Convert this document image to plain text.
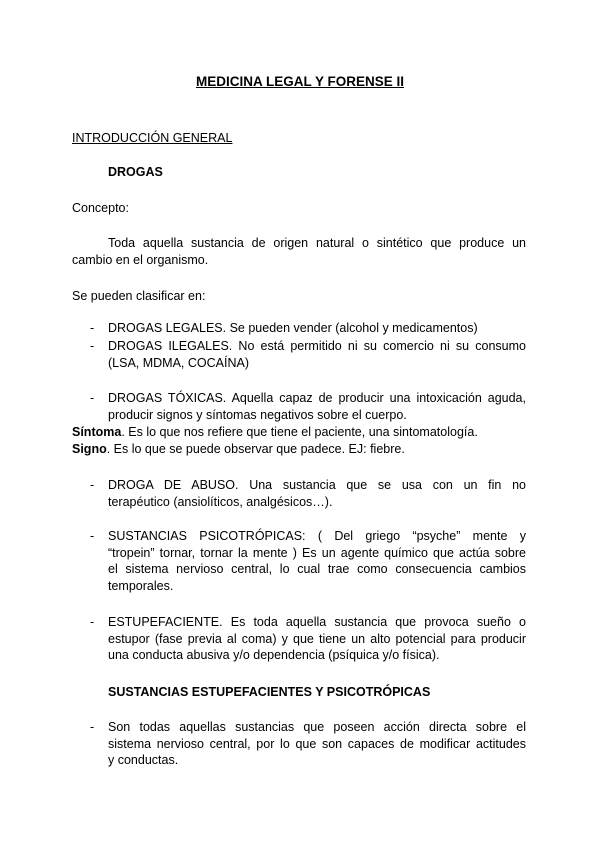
MEDICINA LEGAL Y FORENSE II
INTRODUCCIÓN GENERAL
DROGAS
Concepto:
Toda aquella sustancia de origen natural o sintético que produce un
cambio en el organismo.
Se pueden clasificar en:
- DROGAS LEGALES. Se pueden vender (alcohol y medicamentos)
- DROGAS ILEGALES. No está permitido ni su comercio ni su consumo
(LSA, MDMA, COCAÍNA)
- DROGAS TÓXICAS. Aquella capaz de producir una intoxicación aguda,
producir signos y síntomas negativos sobre el cuerpo.
Síntoma. Es lo que nos refiere que tiene el paciente, una sintomatología.
Signo. Es lo que se puede observar que padece. EJ: fiebre.
- DROGA DE ABUSO. Una sustancia que se usa con un fin no
terapéutico (ansiolíticos, analgésicos…).
- SUSTANCIAS PSICOTRÓPICAS: ( Del griego “psyche” mente y
“tropein” tornar, tornar la mente ) Es un agente químico que actúa sobre
el sistema nervioso central, lo cual trae como consecuencia cambios
temporales.
- ESTUPEFACIENTE. Es toda aquella sustancia que provoca sueño o
estupor (fase previa al coma) y que tiene un alto potencial para producir
una conducta abusiva y/o dependencia (psíquica y/o física).
SUSTANCIAS ESTUPEFACIENTES Y PSICOTRÓPICAS
- Son todas aquellas sustancias que poseen acción directa sobre el
sistema nervioso central, por lo que son capaces de modificar actitudes
y conductas.
